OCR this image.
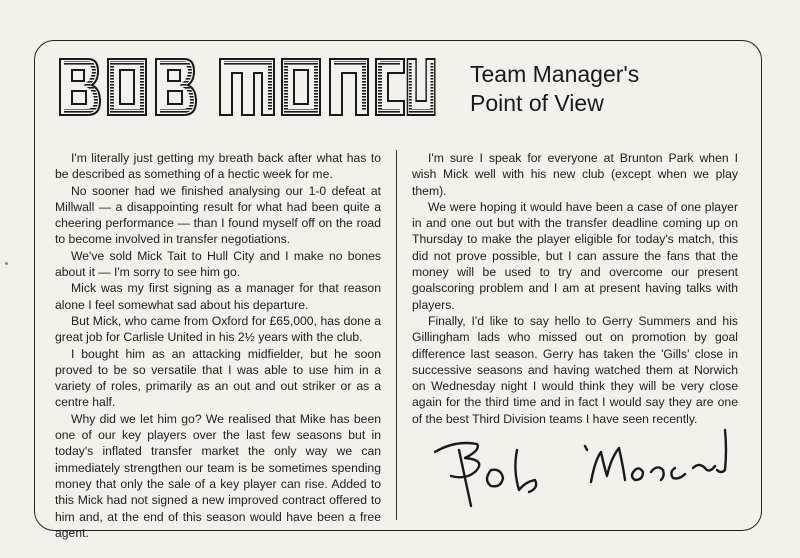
Team Manager's
Point of View

I'm literally just getting my breath back after what has to be described as something of a hectic week for me.

No sooner had we finished analysing our 1-0 defeat at Millwall — a disappointing result for what had been quite a cheering performance — than I found myself off on the road to become involved in transfer negotiations.

We've sold Mick Tait to Hull City and I make no bones about it — I'm sorry to see him go.

Mick was my first signing as a manager for that reason alone I feel somewhat sad about his departure.

But Mick, who came from Oxford for £65,000, has done a great job for Carlisle United in his 2½ years with the club.

I bought him as an attacking midfielder, but he soon proved to be so versatile that I was able to use him in a variety of roles, primarily as an out and out striker or as a centre half.

Why did we let him go? We realised that Mike has been one of our key players over the last few seasons but in today's inflated transfer market the only way we can immediately strengthen our team is be sometimes spending money that only the sale of a key player can rise. Added to this Mick had not signed a new improved contract offered to him and, at the end of this season would have been a free agent.

I'm sure I speak for everyone at Brunton Park when I wish Mick well with his new club (except when we play them).

We were hoping it would have been a case of one player in and one out but with the transfer deadline coming up on Thursday to make the player eligible for today's match, this did not prove possible, but I can assure the fans that the money will be used to try and overcome our present goalscoring problem and I am at present having talks with players.

Finally, I'd like to say hello to Gerry Summers and his Gillingham lads who missed out on promotion by goal difference last season. Gerry has taken the 'Gills' close in successive seasons and having watched them at Norwich on Wednesday night I would think they will be very close again for the third time and in fact I would say they are one of the best Third Division teams I have seen recently.
